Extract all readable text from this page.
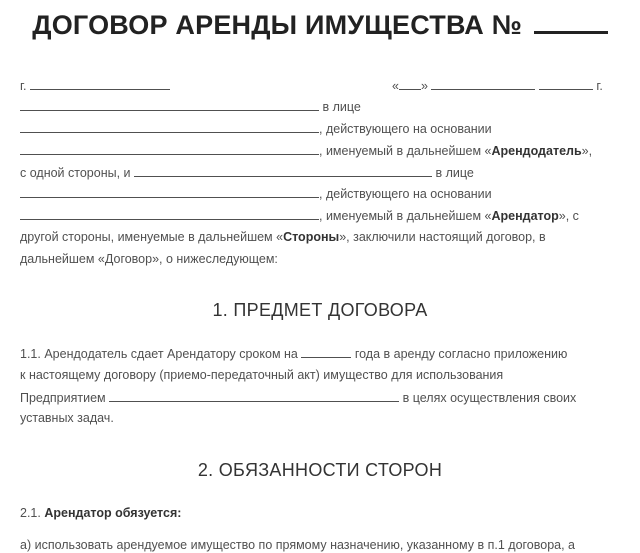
ДОГОВОР АРЕНДЫ ИМУЩЕСТВА №
г.	« »	г.
в лице
, действующего на основании
, именуемый в дальнейшем «Арендодатель»,
с одной стороны, и	в лице
, действующего на основании
, именуемый в дальнейшем «Арендатор», с
другой стороны, именуемые в дальнейшем «Стороны», заключили настоящий договор, в
дальнейшем «Договор», о нижеследующем:
1. ПРЕДМЕТ ДОГОВОРА
1.1. Арендодатель сдает Арендатору сроком на	года в аренду согласно приложению
к настоящему договору (приемо-передаточный акт) имущество для использования
Предприятием	в целях осуществления своих
уставных задач.
2. ОБЯЗАННОСТИ СТОРОН
2.1. Арендатор обязуется:
а) использовать арендуемое имущество по прямому назначению, указанному в п.1 договора, а
